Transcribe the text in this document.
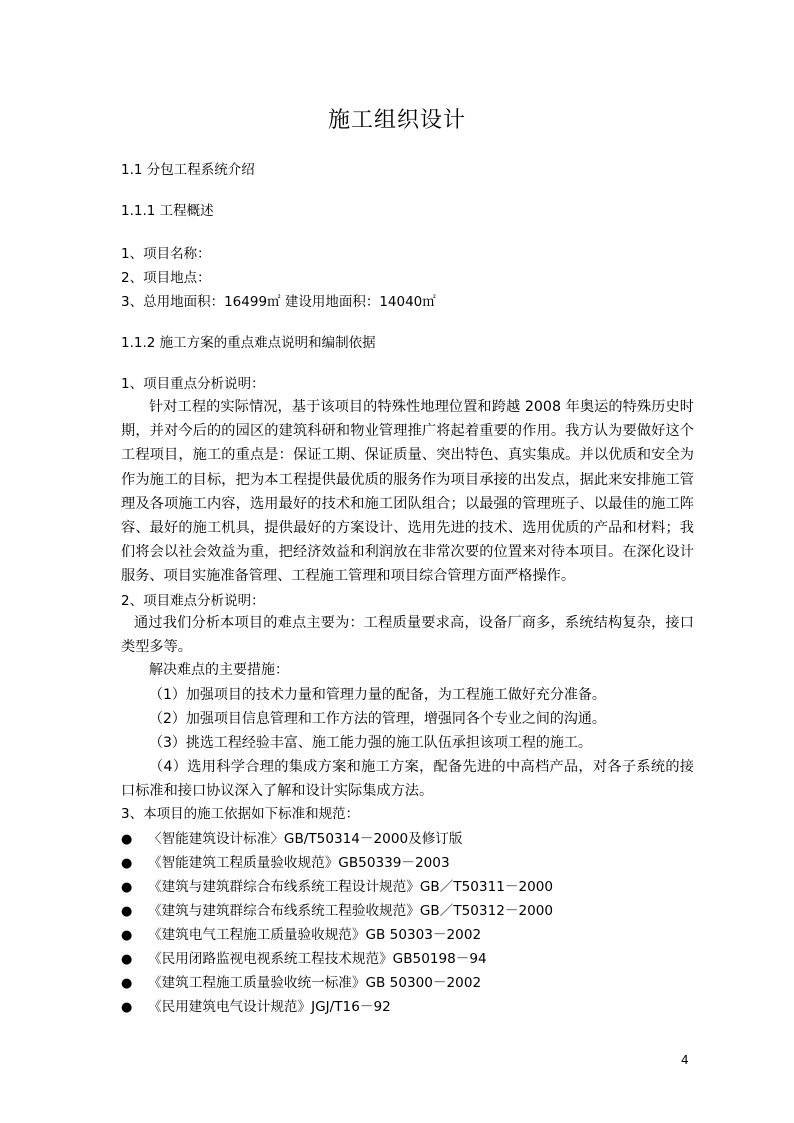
施工组织设计
1.1 分包工程系统介绍
1.1.1 工程概述
1、项目名称：
2、项目地点：
3、总用地面积：16499㎡ 建设用地面积：14040㎡
1.1.2 施工方案的重点难点说明和编制依据
1、项目重点分析说明：
针对工程的实际情况，基于该项目的特殊性地理位置和跨越 2008 年奥运的特殊历史时期，并对今后的的园区的建筑科研和物业管理推广将起着重要的作用。我方认为要做好这个工程项目，施工的重点是：保证工期、保证质量、突出特色、真实集成。并以优质和安全为作为施工的目标，把为本工程提供最优质的服务作为项目承接的出发点，据此来安排施工管理及各项施工内容，选用最好的技术和施工团队组合；以最强的管理班子、以最佳的施工阵容、最好的施工机具，提供最好的方案设计、选用先进的技术、选用优质的产品和材料；我们将会以社会效益为重，把经济效益和利润放在非常次要的位置来对待本项目。在深化设计服务、项目实施准备管理、工程施工管理和项目综合管理方面严格操作。
2、项目难点分析说明：
通过我们分析本项目的难点主要为：工程质量要求高，设备厂商多，系统结构复杂，接口类型多等。
解决难点的主要措施：
（1）加强项目的技术力量和管理力量的配备，为工程施工做好充分准备。
（2）加强项目信息管理和工作方法的管理，增强同各个专业之间的沟通。
（3）挑选工程经验丰富、施工能力强的施工队伍承担该项工程的施工。
（4）选用科学合理的集成方案和施工方案，配备先进的中高档产品，对各子系统的接口标准和接口协议深入了解和设计实际集成方法。
3、本项目的施工依据如下标准和规范：
● 〈智能建筑设计标准〉GB/T50314－2000及修订版
● 《智能建筑工程质量验收规范》GB50339－2003
● 《建筑与建筑群综合布线系统工程设计规范》GB／T50311－2000
● 《建筑与建筑群综合布线系统工程验收规范》GB／T50312－2000
● 《建筑电气工程施工质量验收规范》GB 50303－2002
● 《民用闭路监视电视系统工程技术规范》GB50198－94
● 《建筑工程施工质量验收统一标准》GB 50300－2002
● 《民用建筑电气设计规范》JGJ/T16－92
4
